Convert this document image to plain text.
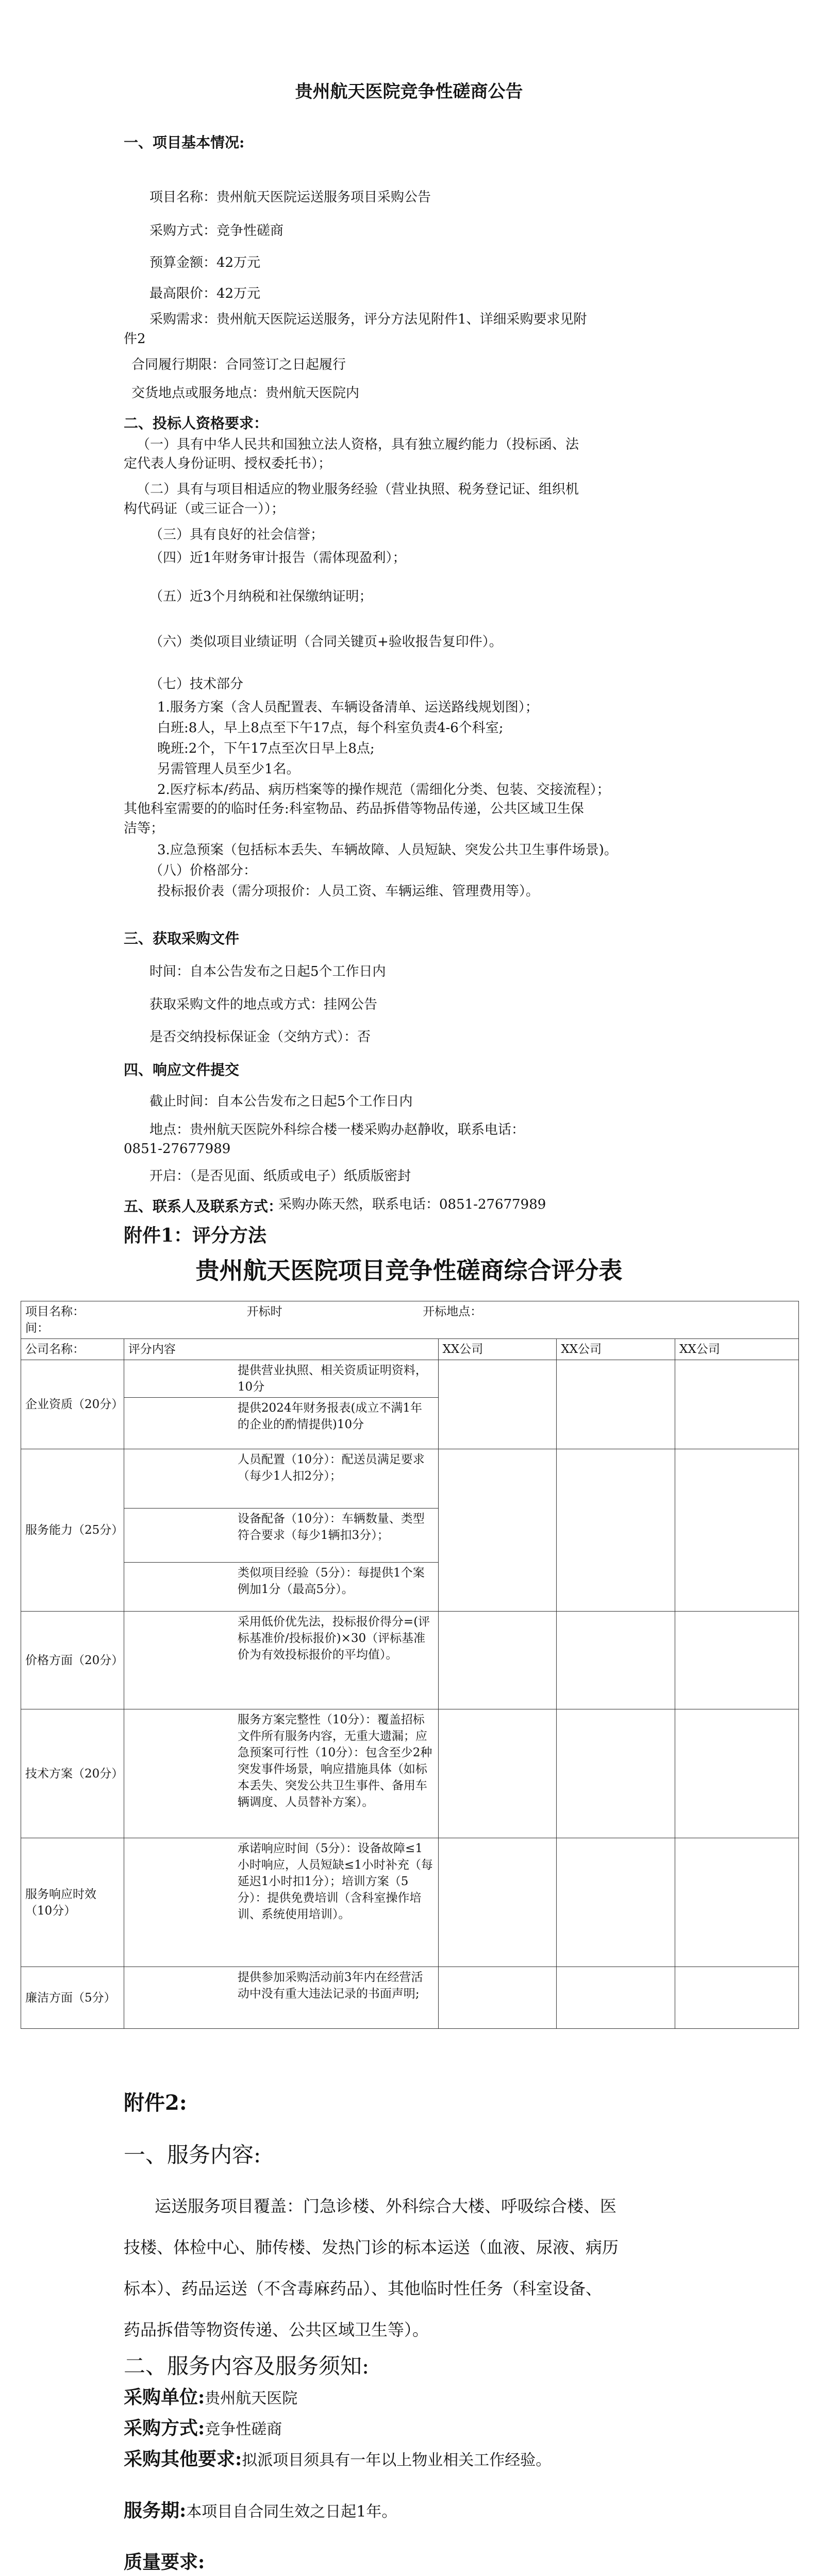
贵州航天医院竞争性磋商公告
一、项目基本情况:
项目名称：贵州航天医院运送服务项目采购公告
采购方式：竞争性磋商
预算金额：42万元
最高限价：42万元
采购需求：贵州航天医院运送服务，评分方法见附件1、详细采购要求见附
件2
合同履行期限：合同签订之日起履行
交货地点或服务地点：贵州航天医院内
二、投标人资格要求：
（一）具有中华人民共和国独立法人资格，具有独立履约能力（投标函、法
定代表人身份证明、授权委托书）；
（二）具有与项目相适应的物业服务经验（营业执照、税务登记证、组织机
构代码证（或三证合一））；
（三）具有良好的社会信誉；
（四）近1年财务审计报告（需体现盈利）；
（五）近3个月纳税和社保缴纳证明；
（六）类似项目业绩证明（合同关键页+验收报告复印件）。
（七）技术部分
1.服务方案（含人员配置表、车辆设备清单、运送路线规划图）；
白班:8人，早上8点至下午17点，每个科室负责4-6个科室;
晚班:2个，下午17点至次日早上8点;
另需管理人员至少1名。
2.医疗标本/药品、病历档案等的操作规范（需细化分类、包装、交接流程）；
其他科室需要的的临时任务:科室物品、药品拆借等物品传递，公共区域卫生保
洁等；
3.应急预案（包括标本丢失、车辆故障、人员短缺、突发公共卫生事件场景)。
（八）价格部分：
投标报价表（需分项报价：人员工资、车辆运维、管理费用等）。
三、获取采购文件
时间：自本公告发布之日起5个工作日内
获取采购文件的地点或方式：挂网公告
是否交纳投标保证金（交纳方式）：否
四、响应文件提交
截止时间：自本公告发布之日起5个工作日内
地点：贵州航天医院外科综合楼一楼采购办赵静收，联系电话：
0851-27677989
开启：（是否见面、纸质或电子）纸质版密封
五、联系人及联系方式：
采购办陈天然，联系电话：0851-27677989
附件1：评分方法
贵州航天医院项目竞争性磋商综合评分表
项目名称： 开标时间：		开标地点：			
公司名称：	评分内容		XX公司	XX公司	XX公司
企业资质（20分）	提供营业执照、相关资质证明资料，10分				
	提供2024年财务报表(成立不满1年的企业的酌情提供)10分				
服务能力（25分）	人员配置（10分）：配送员满足要求（每少1人扣2分）；				
	设备配备（10分）：车辆数量、类型符合要求（每少1辆扣3分）；				
	类似项目经验（5分）：每提供1个案例加1分（最高5分）。				
价格方面（20分）	采用低价优先法，投标报价得分=(评标基准价/投标报价)×30（评标基准价为有效投标报价的平均值）。				
技术方案（20分）	服务方案完整性（10分）：覆盖招标文件所有服务内容，无重大遗漏；应急预案可行性（10分）：包含至少2种突发事件场景，响应措施具体（如标本丢失、突发公共卫生事件、备用车辆调度、人员替补方案）。				
服务响应时效（10分）	承诺响应时间（5分）：设备故障≤1小时响应，人员短缺≤1小时补充（每延迟1小时扣1分）；培训方案（5分）：提供免费培训（含科室操作培训、系统使用培训）。				
廉洁方面（5分）	提供参加采购活动前3年内在经营活动中没有重大违法记录的书面声明;				
附件2:
一、服务内容:
运送服务项目覆盖：门急诊楼、外科综合大楼、呼吸综合楼、医
技楼、体检中心、肺传楼、发热门诊的标本运送（血液、尿液、病历
标本）、药品运送（不含毒麻药品）、其他临时性任务（科室设备、
药品拆借等物资传递、公共区域卫生等）。
二、服务内容及服务须知:
采购单位:贵州航天医院
采购方式:竞争性磋商
采购其他要求:拟派项目须具有一年以上物业相关工作经验。
服务期:本项目自合同生效之日起1年。
质量要求:
